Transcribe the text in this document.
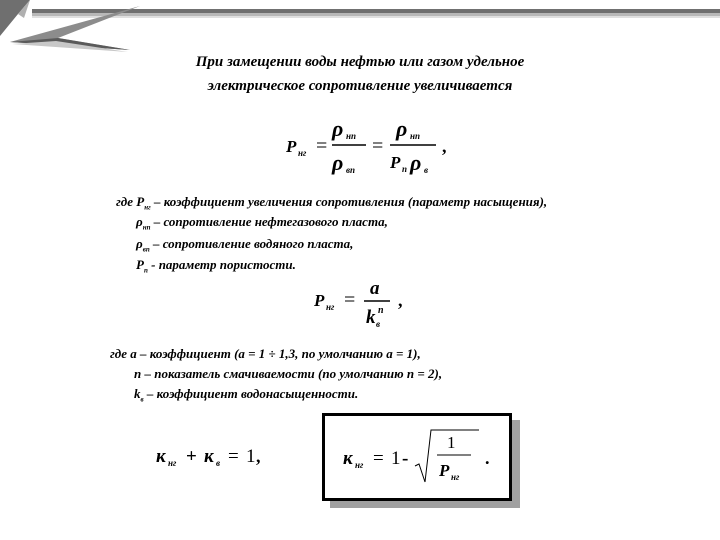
При замещении воды нефтью или газом удельное
электрическое сопротивление увеличивается
P нг =
ρ нп
ρ вп
=
ρ нп
P п ρ в
,
где $P_{нг}$ – коэффициент увеличения сопротивления (параметр насыщения),
$\rho_{нп}$ – сопротивление нефтегазового пласта,
$\rho_{вп}$ – сопротивление водяного пласта,
$P_п$ - параметр пористости.
P нг =
a
k в
n
,
где a – коэффициент (a = 1 ÷ 1,3, по умолчанию a = 1),
n – показатель смачиваемости (по умолчанию n = 2),
$k_в$ – коэффициент водонасыщенности.
к нг + к в = 1 ,	к нг = 1 -
1
P нг
.
